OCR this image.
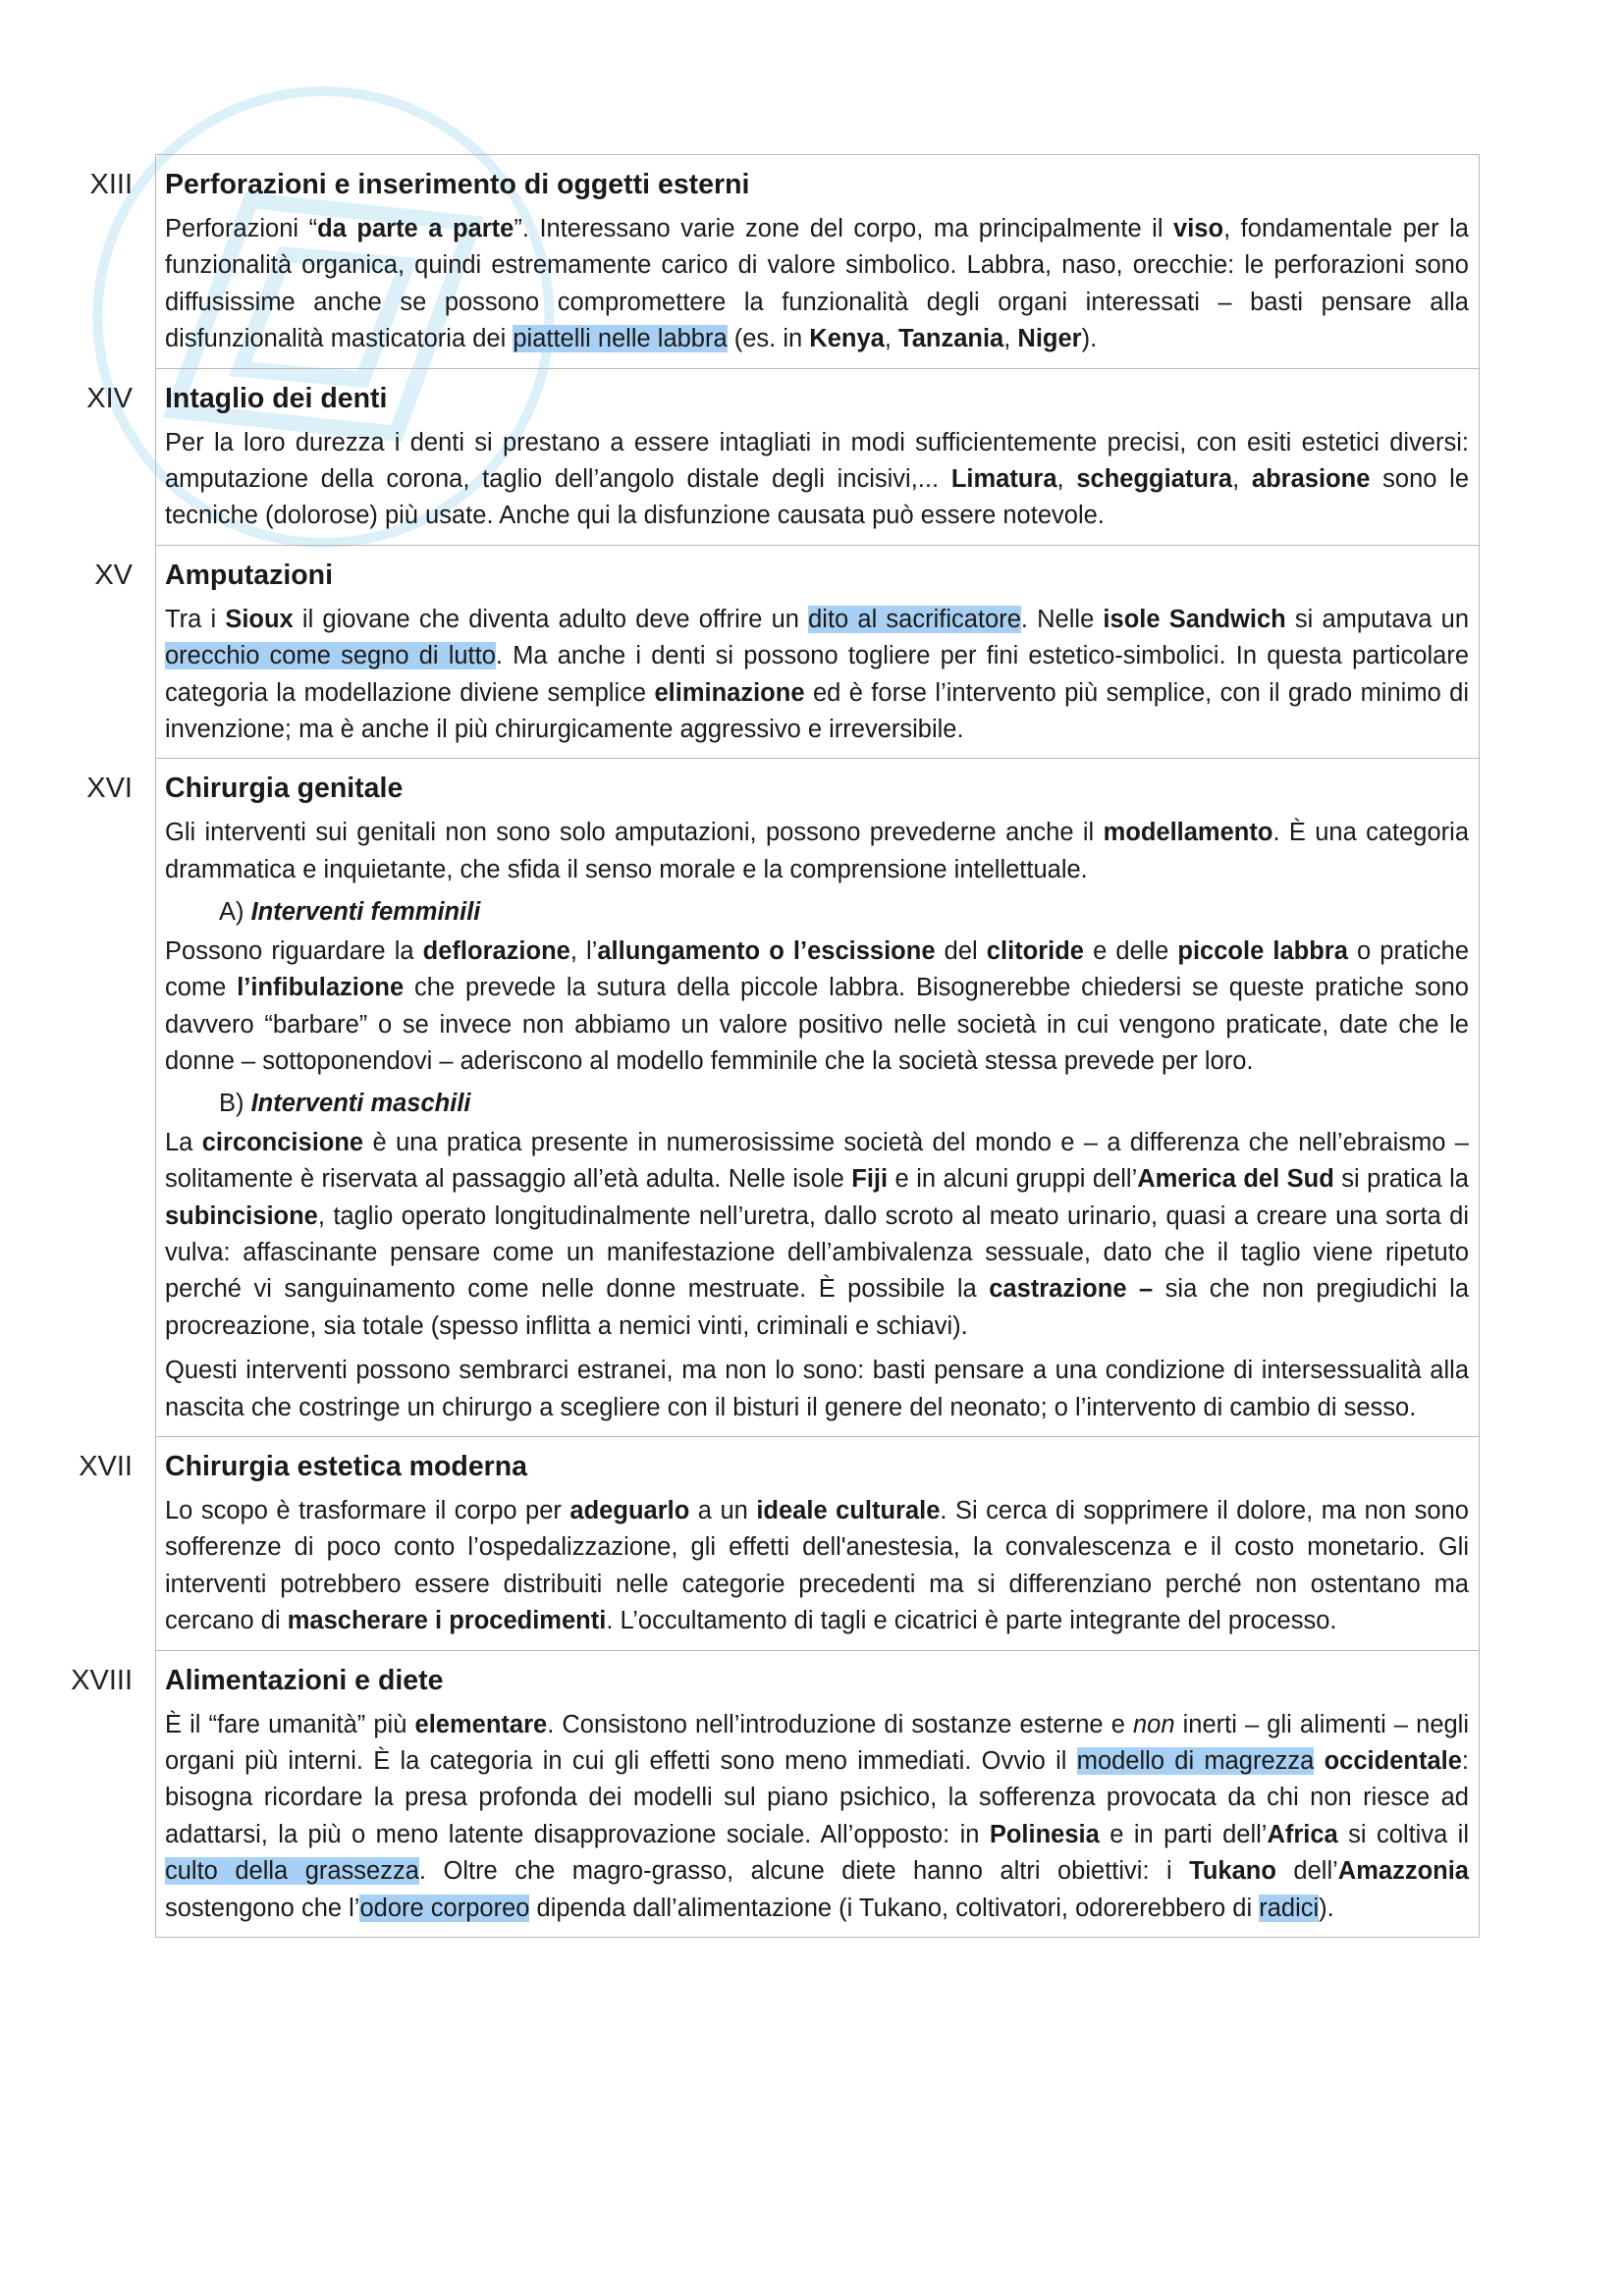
XIII Perforazioni e inserimento di oggetti esterni

Perforazioni “da parte a parte”. Interessano varie zone del corpo, ma principalmente il viso, fondamentale per la funzionalità organica, quindi estremamente carico di valore simbolico. Labbra, naso, orecchie: le perforazioni sono diffusissime anche se possono compromettere la funzionalità degli organi interessati – basti pensare alla disfunzionalità masticatoria dei piattelli nelle labbra (es. in Kenya, Tanzania, Niger).

XIV Intaglio dei denti

Per la loro durezza i denti si prestano a essere intagliati in modi sufficientemente precisi, con esiti estetici diversi: amputazione della corona, taglio dell’angolo distale degli incisivi,... Limatura, scheggiatura, abrasione sono le tecniche (dolorose) più usate. Anche qui la disfunzione causata può essere notevole.

XV Amputazioni

Tra i Sioux il giovane che diventa adulto deve offrire un dito al sacrificatore. Nelle isole Sandwich si amputava un orecchio come segno di lutto. Ma anche i denti si possono togliere per fini estetico-simbolici. In questa particolare categoria la modellazione diviene semplice eliminazione ed è forse l’intervento più semplice, con il grado minimo di invenzione; ma è anche il più chirurgicamente aggressivo e irreversibile.

XVI Chirurgia genitale

Gli interventi sui genitali non sono solo amputazioni, possono prevederne anche il modellamento. È una categoria drammatica e inquietante, che sfida il senso morale e la comprensione intellettuale.

A) Interventi femminili

Possono riguardare la deflorazione, l’allungamento o l’escissione del clitoride e delle piccole labbra o pratiche come l’infibulazione che prevede la sutura della piccole labbra. Bisognerebbe chiedersi se queste pratiche sono davvero “barbare” o se invece non abbiamo un valore positivo nelle società in cui vengono praticate, date che le donne – sottoponendovi – aderiscono al modello femminile che la società stessa prevede per loro.

B) Interventi maschili

La circoncisione è una pratica presente in numerosissime società del mondo e – a differenza che nell’ebraismo – solitamente è riservata al passaggio all’età adulta. Nelle isole Fiji e in alcuni gruppi dell’America del Sud si pratica la subincisione, taglio operato longitudinalmente nell’uretra, dallo scroto al meato urinario, quasi a creare una sorta di vulva: affascinante pensare come un manifestazione dell’ambivalenza sessuale, dato che il taglio viene ripetuto perché vi sanguinamento come nelle donne mestruate. È possibile la castrazione – sia che non pregiudichi la procreazione, sia totale (spesso inflitta a nemici vinti, criminali e schiavi).

Questi interventi possono sembrarci estranei, ma non lo sono: basti pensare a una condizione di intersessualità alla nascita che costringe un chirurgo a scegliere con il bisturi il genere del neonato; o l’intervento di cambio di sesso.

XVII Chirurgia estetica moderna

Lo scopo è trasformare il corpo per adeguarlo a un ideale culturale. Si cerca di sopprimere il dolore, ma non sono sofferenze di poco conto l’ospedalizzazione, gli effetti dell'anestesia, la convalescenza e il costo monetario. Gli interventi potrebbero essere distribuiti nelle categorie precedenti ma si differenziano perché non ostentano ma cercano di mascherare i procedimenti. L’occultamento di tagli e cicatrici è parte integrante del processo.

XVIII Alimentazioni e diete

È il “fare umanità” più elementare. Consistono nell’introduzione di sostanze esterne e non inerti – gli alimenti – negli organi più interni. È la categoria in cui gli effetti sono meno immediati. Ovvio il modello di magrezza occidentale: bisogna ricordare la presa profonda dei modelli sul piano psichico, la sofferenza provocata da chi non riesce ad adattarsi, la più o meno latente disapprovazione sociale. All’opposto: in Polinesia e in parti dell’Africa si coltiva il culto della grassezza. Oltre che magro-grasso, alcune diete hanno altri obiettivi: i Tukano dell’Amazzonia sostengono che l’odore corporeo dipenda dall’alimentazione (i Tukano, coltivatori, odorerebbero di radici).
